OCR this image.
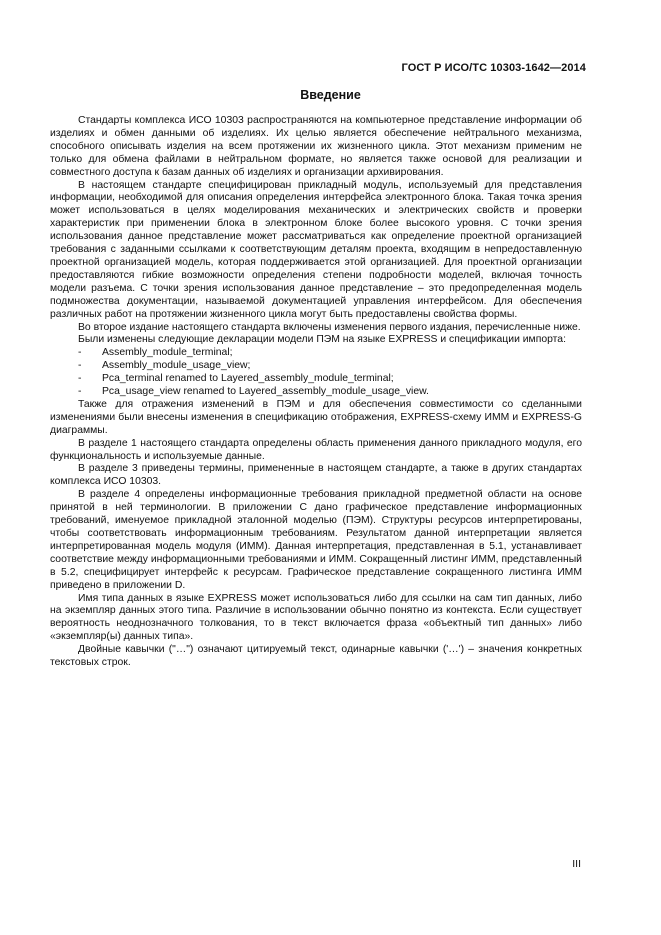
ГОСТ Р ИСО/ТС 10303-1642—2014
Введение

Стандарты комплекса ИСО 10303 распространяются на компьютерное представление информации об изделиях и обмен данными об изделиях. Их целью является обеспечение нейтрального механизма, способного описывать изделия на всем протяжении их жизненного цикла. Этот механизм применим не только для обмена файлами в нейтральном формате, но является также основой для реализации и совместного доступа к базам данных об изделиях и организации архивирования.

В настоящем стандарте специфицирован прикладный модуль, используемый для представления информации, необходимой для описания определения интерфейса электронного блока. Такая точка зрения может использоваться в целях моделирования механических и электрических свойств и проверки характеристик при применении блока в электронном блоке более высокого уровня. С точки зрения использования данное представление может рассматриваться как определение проектной организацией требования с заданными ссылками к соответствующим деталям проекта, входящим в непредоставленную проектной организацией модель, которая поддерживается этой организацией. Для проектной организации предоставляются гибкие возможности определения степени подробности моделей, включая точность модели разъема. С точки зрения использования данное представление – это предопределенная модель подмножества документации, называемой документацией управления интерфейсом. Для обеспечения различных работ на протяжении жизненного цикла могут быть предоставлены свойства формы.

Во второе издание настоящего стандарта включены изменения первого издания, перечисленные ниже.

Были изменены следующие декларации модели ПЭМ на языке EXPRESS и спецификации импорта:

- Assembly_module_terminal;
- Assembly_module_usage_view;
- Pca_terminal renamed to Layered_assembly_module_terminal;
- Pca_usage_view renamed to Layered_assembly_module_usage_view.

Также для отражения изменений в ПЭМ и для обеспечения совместимости со сделанными изменениями были внесены изменения в спецификацию отображения, EXPRESS-схему ИММ и EXPRESS-G диаграммы.

В разделе 1 настоящего стандарта определены область применения данного прикладного модуля, его функциональность и используемые данные.

В разделе 3 приведены термины, примененные в настоящем стандарте, а также в других стандартах комплекса ИСО 10303.

В разделе 4 определены информационные требования прикладной предметной области на основе принятой в ней терминологии. В приложении С дано графическое представление информационных требований, именуемое прикладной эталонной моделью (ПЭМ). Структуры ресурсов интерпретированы, чтобы соответствовать информационным требованиям. Результатом данной интерпретации является интерпретированная модель модуля (ИММ). Данная интерпретация, представленная в 5.1, устанавливает соответствие между информационными требованиями и ИММ. Сокращенный листинг ИММ, представленный в 5.2, специфицирует интерфейс к ресурсам. Графическое представление сокращенного листинга ИММ приведено в приложении D.

Имя типа данных в языке EXPRESS может использоваться либо для ссылки на сам тип данных, либо на экземпляр данных этого типа. Различие в использовании обычно понятно из контекста. Если существует вероятность неоднозначного толкования, то в текст включается фраза «объектный тип данных» либо «экземпляр(ы) данных типа».

Двойные кавычки ("…") означают цитируемый текст, одинарные кавычки ('…') – значения конкретных текстовых строк.

III
